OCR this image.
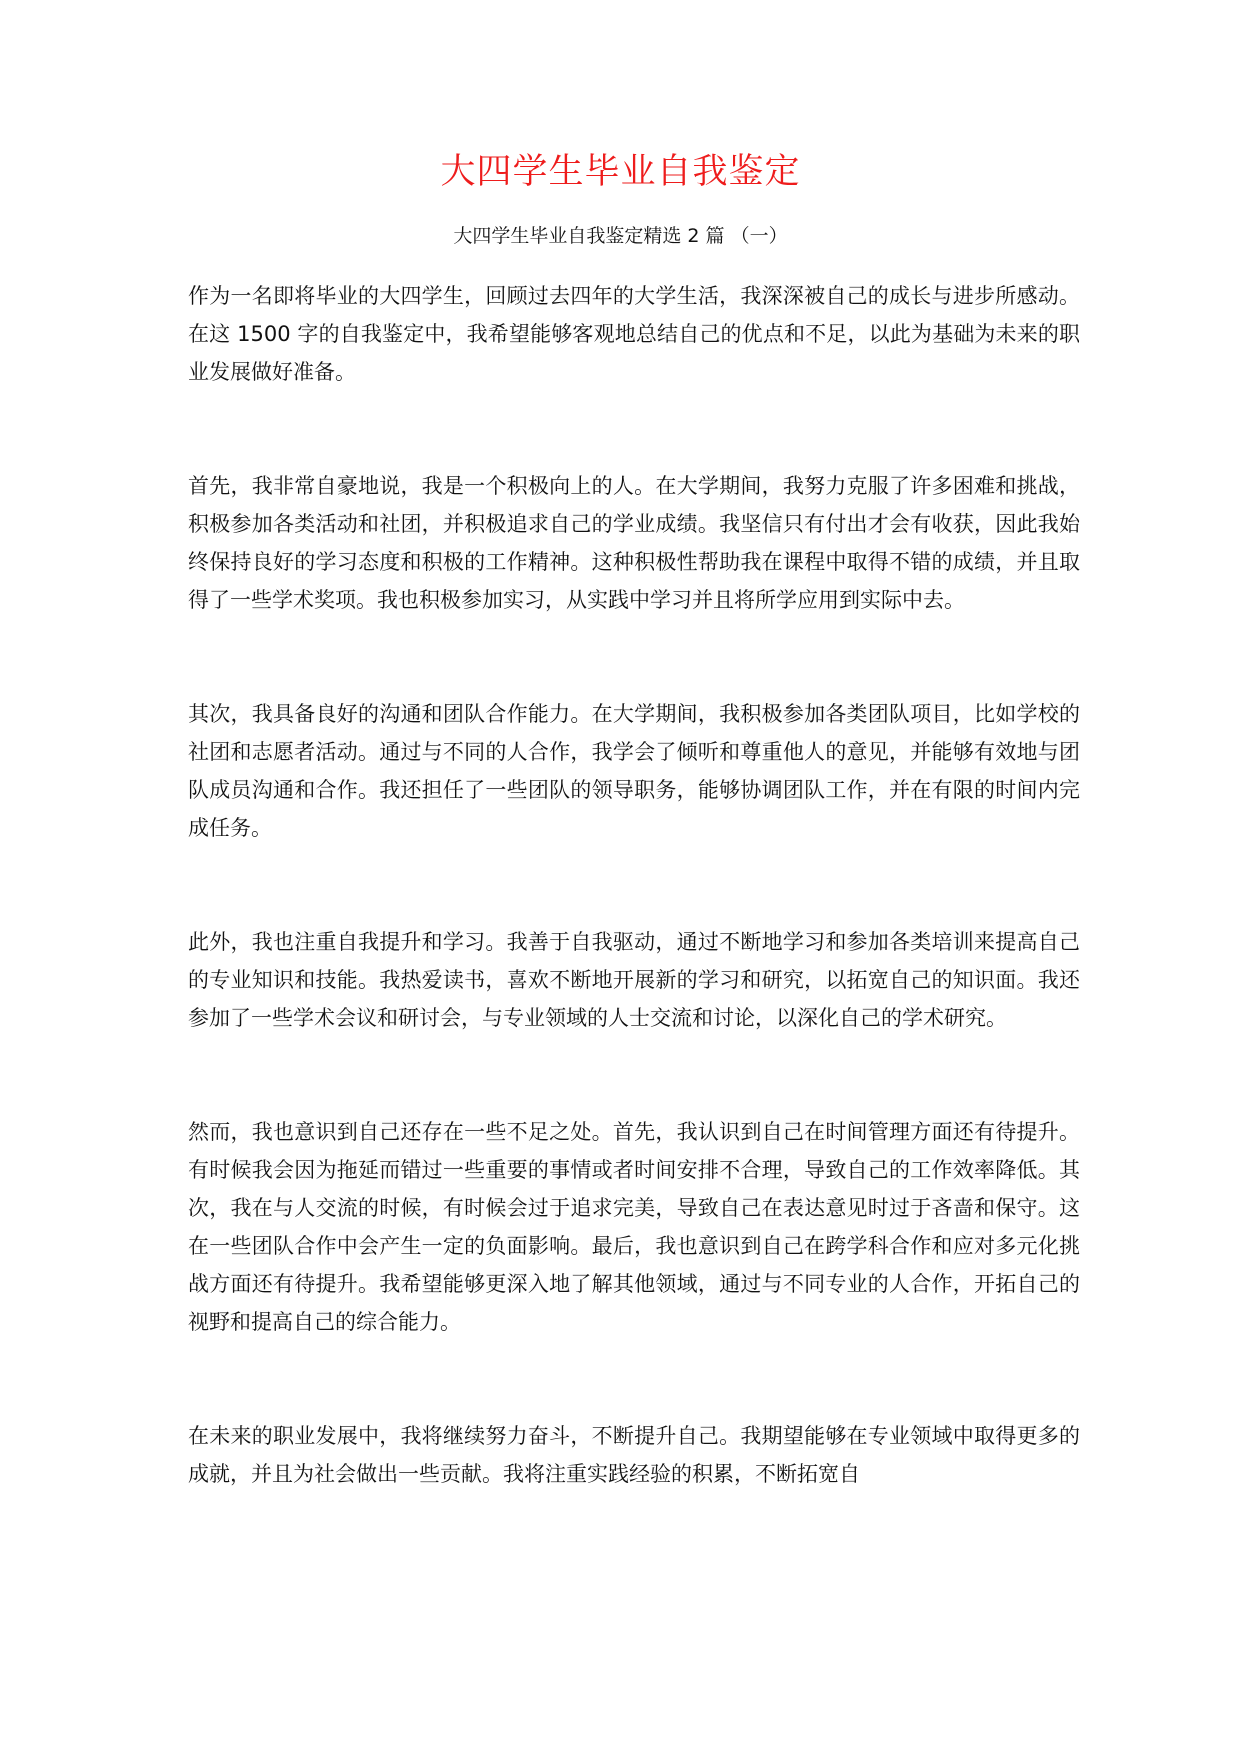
大四学生毕业自我鉴定
大四学生毕业自我鉴定精选 2 篇 （一）

作为一名即将毕业的大四学生，回顾过去四年的大学生活，我深深被自己的成长与进步所感动。在这 1500 字的自我鉴定中，我希望能够客观地总结自己的优点和不足，以此为基础为未来的职业发展做好准备。

首先，我非常自豪地说，我是一个积极向上的人。在大学期间，我努力克服了许多困难和挑战，积极参加各类活动和社团，并积极追求自己的学业成绩。我坚信只有付出才会有收获，因此我始终保持良好的学习态度和积极的工作精神。这种积极性帮助我在课程中取得不错的成绩，并且取得了一些学术奖项。我也积极参加实习，从实践中学习并且将所学应用到实际中去。

其次，我具备良好的沟通和团队合作能力。在大学期间，我积极参加各类团队项目，比如学校的社团和志愿者活动。通过与不同的人合作，我学会了倾听和尊重他人的意见，并能够有效地与团队成员沟通和合作。我还担任了一些团队的领导职务，能够协调团队工作，并在有限的时间内完成任务。

此外，我也注重自我提升和学习。我善于自我驱动，通过不断地学习和参加各类培训来提高自己的专业知识和技能。我热爱读书，喜欢不断地开展新的学习和研究，以拓宽自己的知识面。我还参加了一些学术会议和研讨会，与专业领域的人士交流和讨论，以深化自己的学术研究。

然而，我也意识到自己还存在一些不足之处。首先，我认识到自己在时间管理方面还有待提升。有时候我会因为拖延而错过一些重要的事情或者时间安排不合理，导致自己的工作效率降低。其次，我在与人交流的时候，有时候会过于追求完美，导致自己在表达意见时过于吝啬和保守。这在一些团队合作中会产生一定的负面影响。最后，我也意识到自己在跨学科合作和应对多元化挑战方面还有待提升。我希望能够更深入地了解其他领域，通过与不同专业的人合作，开拓自己的视野和提高自己的综合能力。

在未来的职业发展中，我将继续努力奋斗，不断提升自己。我期望能够在专业领域中取得更多的成就，并且为社会做出一些贡献。我将注重实践经验的积累，不断拓宽自
